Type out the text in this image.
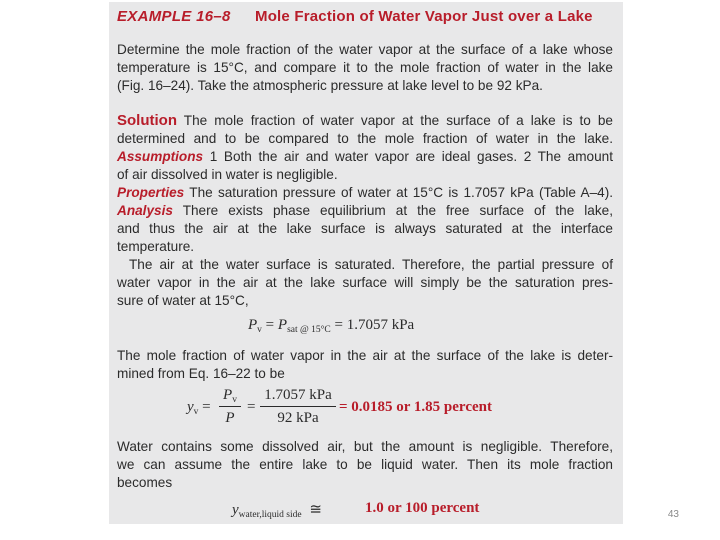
EXAMPLE 16–8 Mole Fraction of Water Vapor Just over a Lake
Determine the mole fraction of the water vapor at the surface of a lake whose
temperature is 15°C, and compare it to the mole fraction of water in the lake
(Fig. 16–24). Take the atmospheric pressure at lake level to be 92 kPa.
Solution The mole fraction of water vapor at the surface of a lake is to be
determined and to be compared to the mole fraction of water in the lake.
Assumptions 1 Both the air and water vapor are ideal gases. 2 The amount
of air dissolved in water is negligible.
Properties The saturation pressure of water at 15°C is 1.7057 kPa (Table A–4).
Analysis There exists phase equilibrium at the free surface of the lake,
and thus the air at the lake surface is always saturated at the interface
temperature.
The air at the water surface is saturated. Therefore, the partial pressure of
water vapor in the air at the lake surface will simply be the saturation pres-
sure of water at 15°C,
$P_v = P_{sat @ 15^\circ C} = 1.7057$ kPa
The mole fraction of water vapor in the air at the surface of the lake is deter-
mined from Eq. 16–22 to be
$y_v$ =
$P_v$
P
=
1.7057 kPa
92 kPa
= 0.0185 or 1.85 percent
Water contains some dissolved air, but the amount is negligible. Therefore,
we can assume the entire lake to be liquid water. Then its mole fraction
becomes
$y_{water,liquid side}$ ≅	1.0 or 100 percent	43
